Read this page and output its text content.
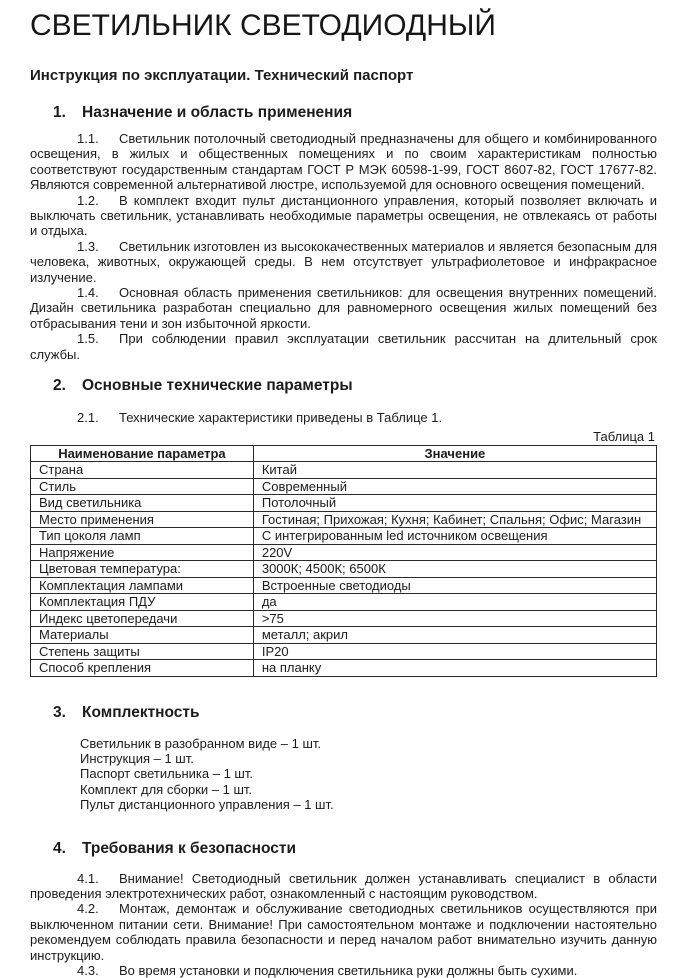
СВЕТИЛЬНИК СВЕТОДИОДНЫЙ

Инструкция по эксплуатации. Технический паспорт

1. Назначение и область применения

1.1. Светильник потолочный светодиодный предназначены для общего и комбинированного освещения, в жилых и общественных помещениях и по своим характеристикам полностью соответствуют государственным стандартам ГОСТ Р МЭК 60598-1-99, ГОСТ 8607-82, ГОСТ 17677-82. Являются современной альтернативой люстре, используемой для основного освещения помещений.

1.2. В комплект входит пульт дистанционного управления, который позволяет включать и выключать светильник, устанавливать необходимые параметры освещения, не отвлекаясь от работы и отдыха.

1.3. Светильник изготовлен из высококачественных материалов и является безопасным для человека, животных, окружающей среды. В нем отсутствует ультрафиолетовое и инфракрасное излучение.

1.4. Основная область применения светильников: для освещения внутренних помещений. Дизайн светильника разработан специально для равномерного освещения жилых помещений без отбрасывания тени и зон избыточной яркости.

1.5. При соблюдении правил эксплуатации светильник рассчитан на длительный срок службы.

2. Основные технические параметры

2.1. Технические характеристики приведены в Таблице 1.

Таблица 1
Наименование параметра	Значение
Страна	Китай
Стиль	Современный
Вид светильника	Потолочный
Место применения	Гостиная; Прихожая; Кухня; Кабинет; Спальня; Офис; Магазин
Тип цоколя ламп	С интегрированным led источником освещения
Напряжение	220V
Цветовая температура:	3000К; 4500К; 6500К
Комплектация лампами	Встроенные светодиоды
Комплектация ПДУ	да
Индекс цветопередачи	>75
Материалы	металл; акрил
Степень защиты	IP20
Способ крепления	на планку
3. Комплектность
Светильник в разобранном виде – 1 шт.
Инструкция – 1 шт.
Паспорт светильника – 1 шт.
Комплект для сборки – 1 шт.
Пульт дистанционного управления – 1 шт.
4. Требования к безопасности

4.1. Внимание! Светодиодный светильник должен устанавливать специалист в области проведения электротехнических работ, ознакомленный с настоящим руководством.

4.2. Монтаж, демонтаж и обслуживание светодиодных светильников осуществляются при выключенном питании сети. Внимание! При самостоятельном монтаже и подключении настоятельно рекомендуем соблюдать правила безопасности и перед началом работ внимательно изучить данную инструкцию.

4.3. Во время установки и подключения светильника руки должны быть сухими.
